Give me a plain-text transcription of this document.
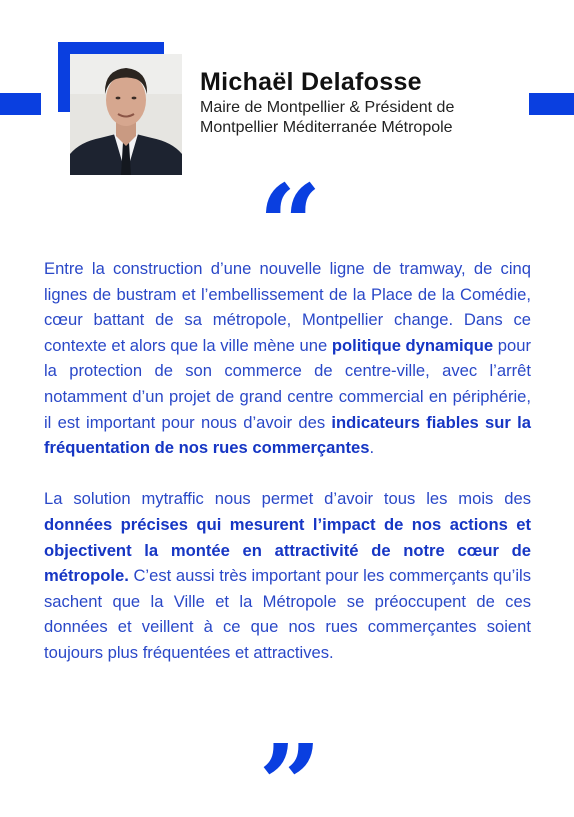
Michaël Delafosse
Maire de Montpellier & Président de
Montpellier Méditerranée Métropole
“

Entre la construction d’une nouvelle ligne de tramway, de cinq lignes de bustram et l’embellissement de la Place de la Comédie, cœur battant de sa métropole, Montpellier change. Dans ce contexte et alors que la ville mène une politique dynamique pour la protection de son commerce de centre-ville, avec l’arrêt notamment d’un projet de grand centre commercial en périphérie, il est important pour nous d’avoir des indicateurs fiables sur la fréquentation de nos rues commerçantes.

La solution mytraffic nous permet d’avoir tous les mois des données précises qui mesurent l’impact de nos actions et objectivent la montée en attractivité de notre cœur de métropole. C’est aussi très important pour les commerçants qu’ils sachent que la Ville et la Métropole se préoccupent de ces données et veillent à ce que nos rues commerçantes soient toujours plus fréquentées et attractives.

”
